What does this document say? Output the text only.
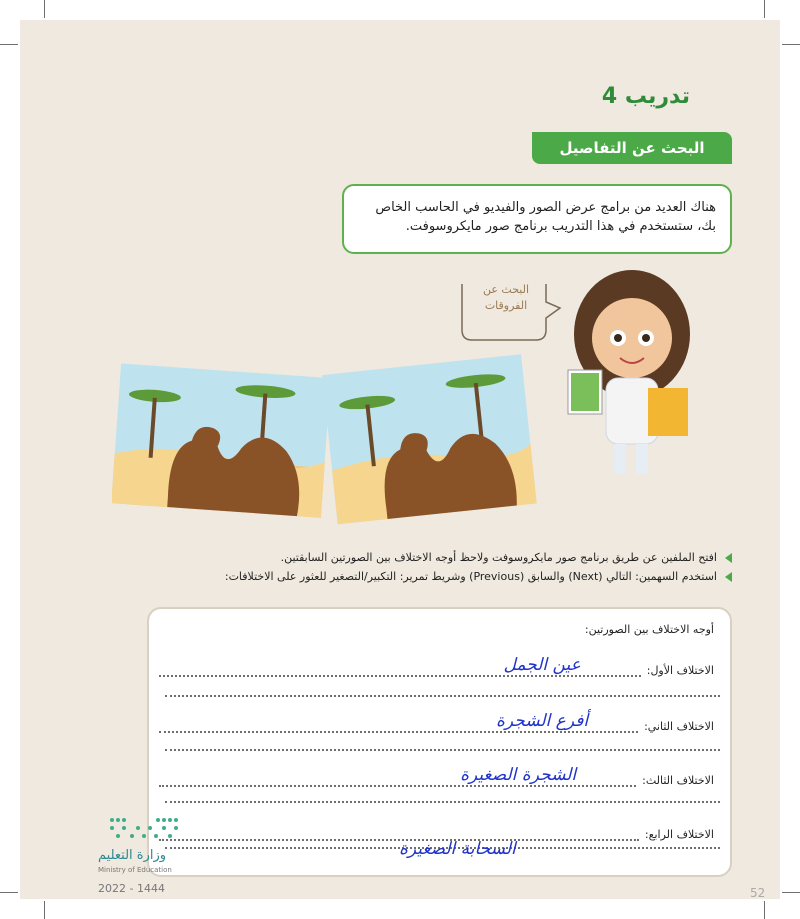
تدريب 4
البحث عن التفاصيل
هناك العديد من برامج عرض الصور والفيديو في الحاسب الخاص بك، ستستخدم في هذا التدريب برنامج صور مايكروسوفت.
البحث عن
الفروقات
افتح الملفين عن طريق برنامج صور مايكروسوفت ولاحظ أوجه الاختلاف بين الصورتين السابقتين.
استخدم السهمين: التالي (Next) والسابق (Previous) وشريط تمرير: التكبير/التصغير للعثور على الاختلافات:
أوجه الاختلاف بين الصورتين:
الاختلاف الأول:
عين الجمل
الاختلاف الثاني:
أفرع الشجرة
الاختلاف الثالث:
الشجرة الصغيرة
الاختلاف الرابع:
السحابة الصغيرة
وزارة التعليم
Ministry of Education
2022 - 1444	52
